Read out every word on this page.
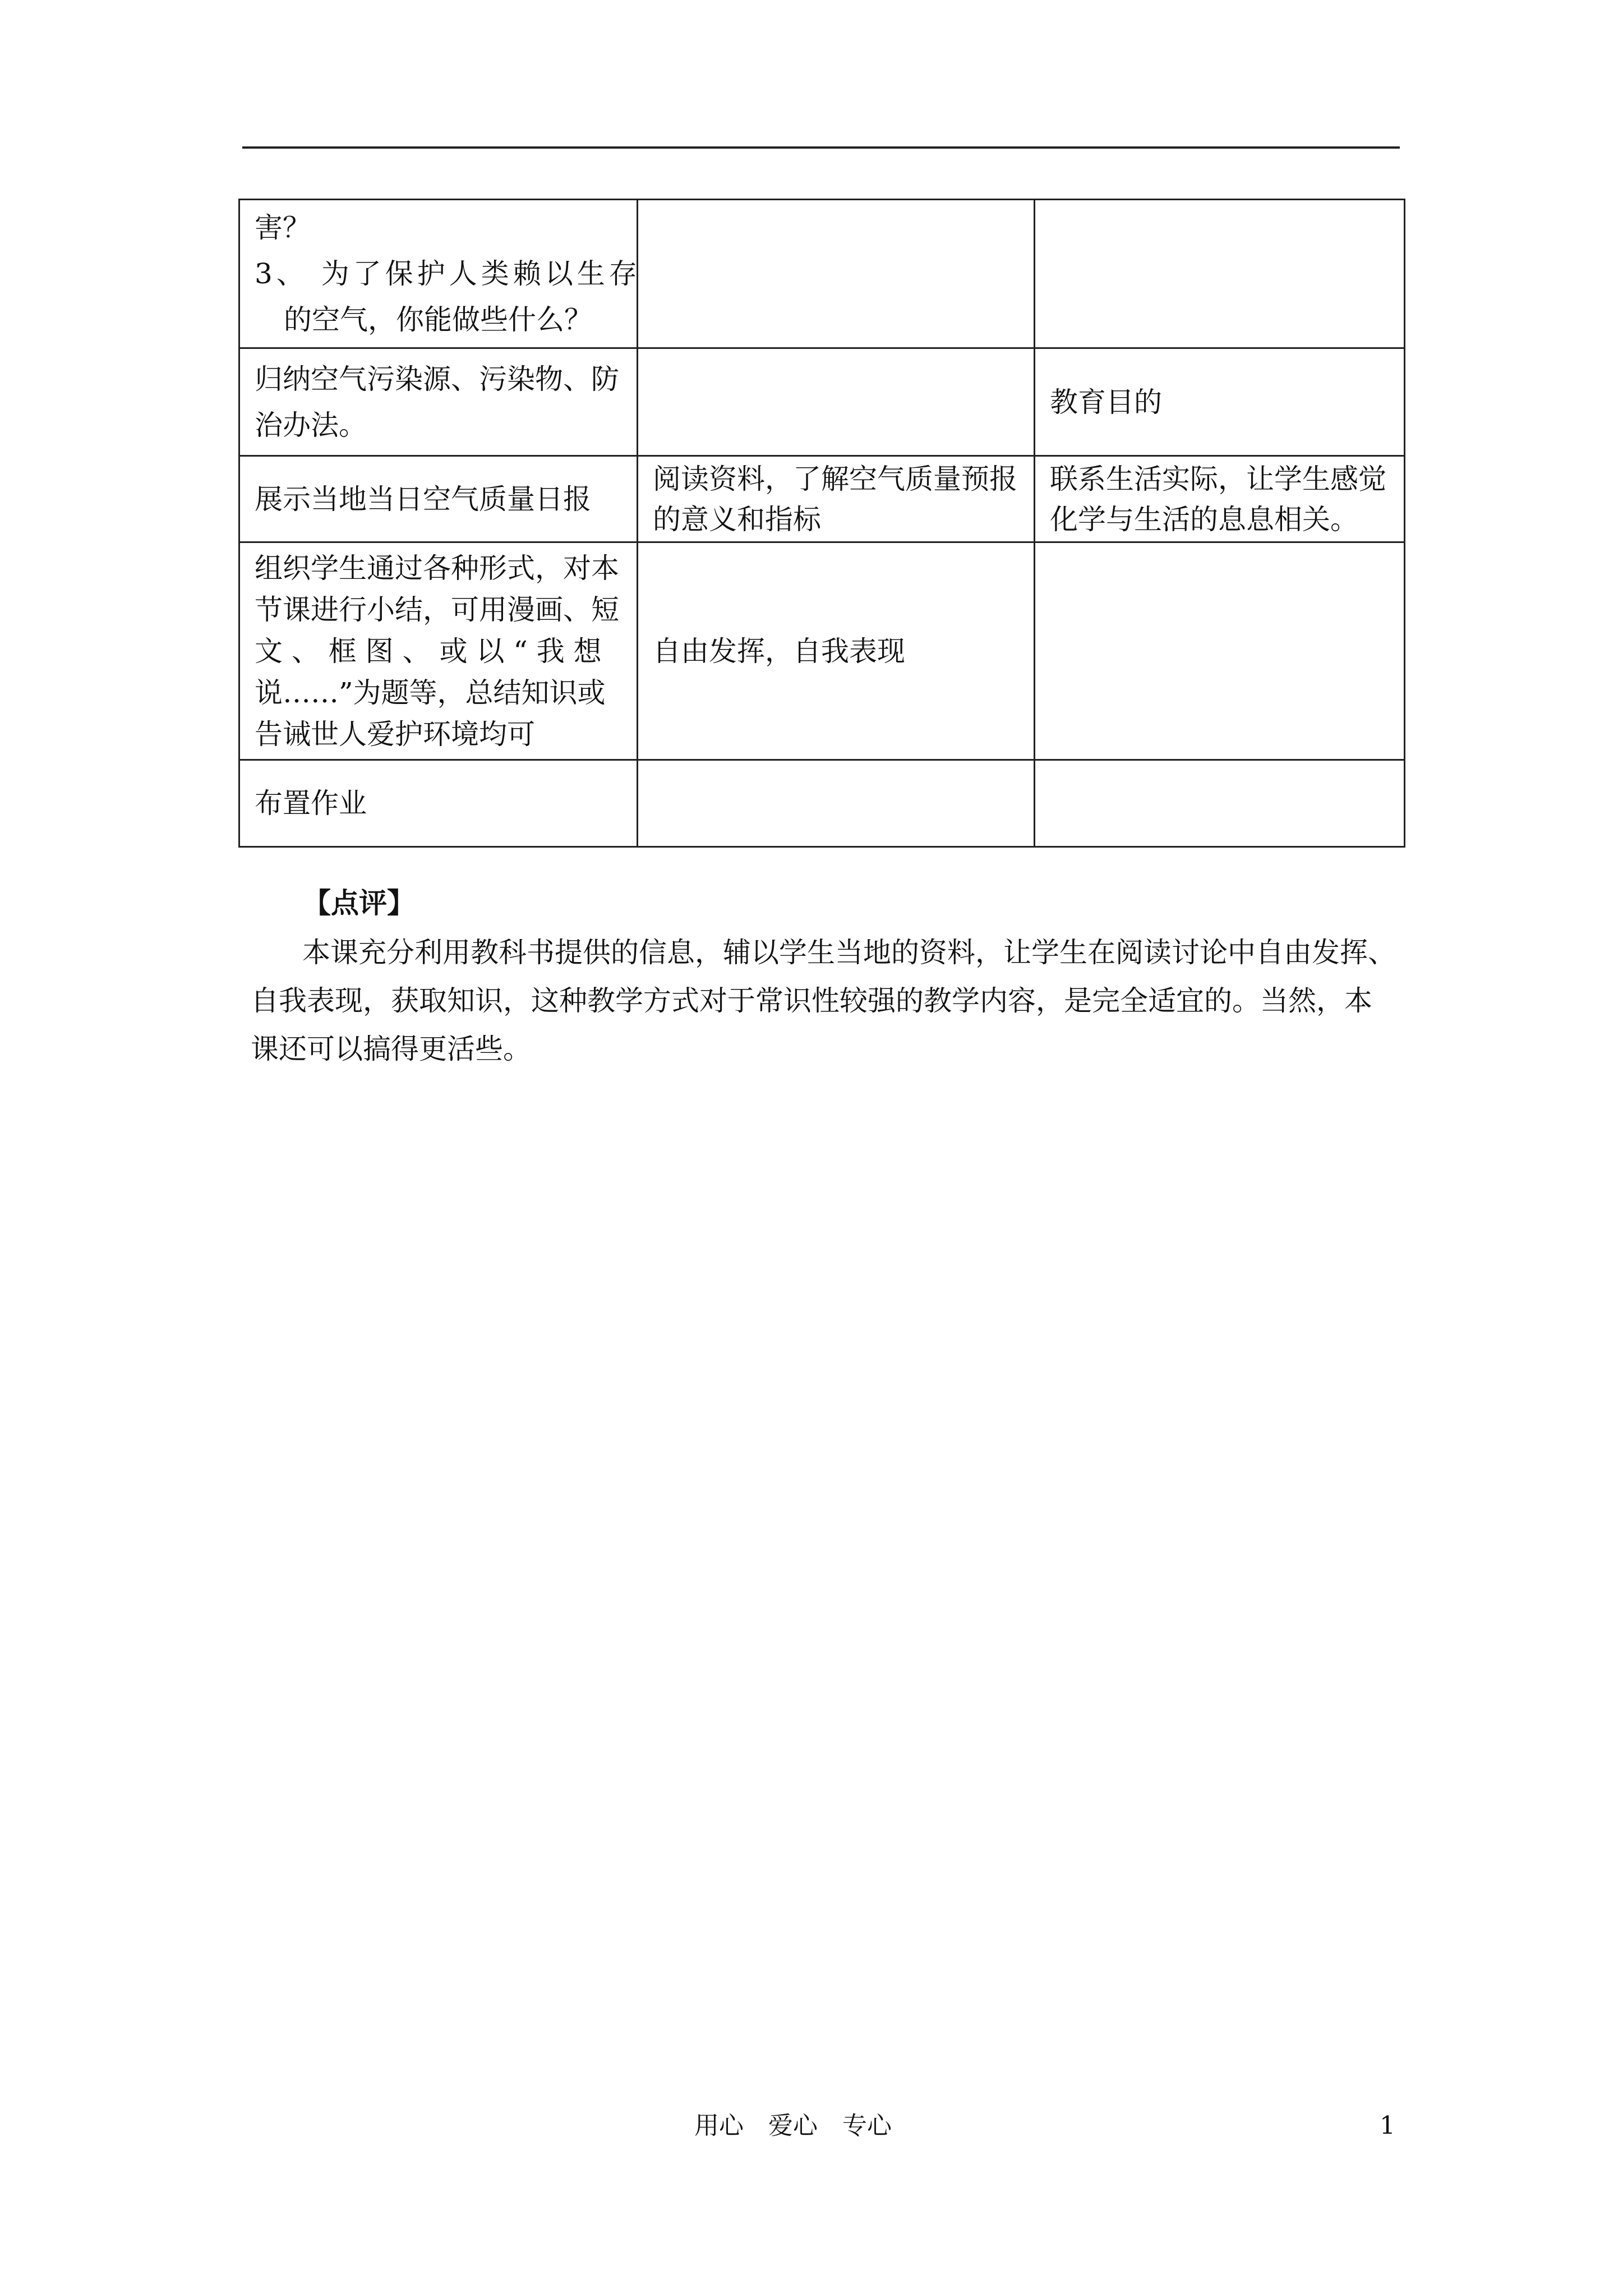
害？
3、 为了保护人类赖以生存
的空气，你能做些什么？		

归纳空气污染源、污染物、防
治办法。		教育目的

展示当地当日空气质量日报	阅读资料，了解空气质量预报
的意义和指标	联系生活实际，让学生感觉
化学与生活的息息相关。

组织学生通过各种形式，对本
节课进行小结，可用漫画、短
文 、 框 图 、 或 以 “ 我 想
说……”为题等，总结知识或
告诫世人爱护环境均可	自由发挥，自我表现	

布置作业		

【点评】
本课充分利用教科书提供的信息，辅以学生当地的资料，让学生在阅读讨论中自由发挥、
自我表现，获取知识，这种教学方式对于常识性较强的教学内容，是完全适宜的。当然，本
课还可以搞得更活些。
用心　爱心　专心	1
